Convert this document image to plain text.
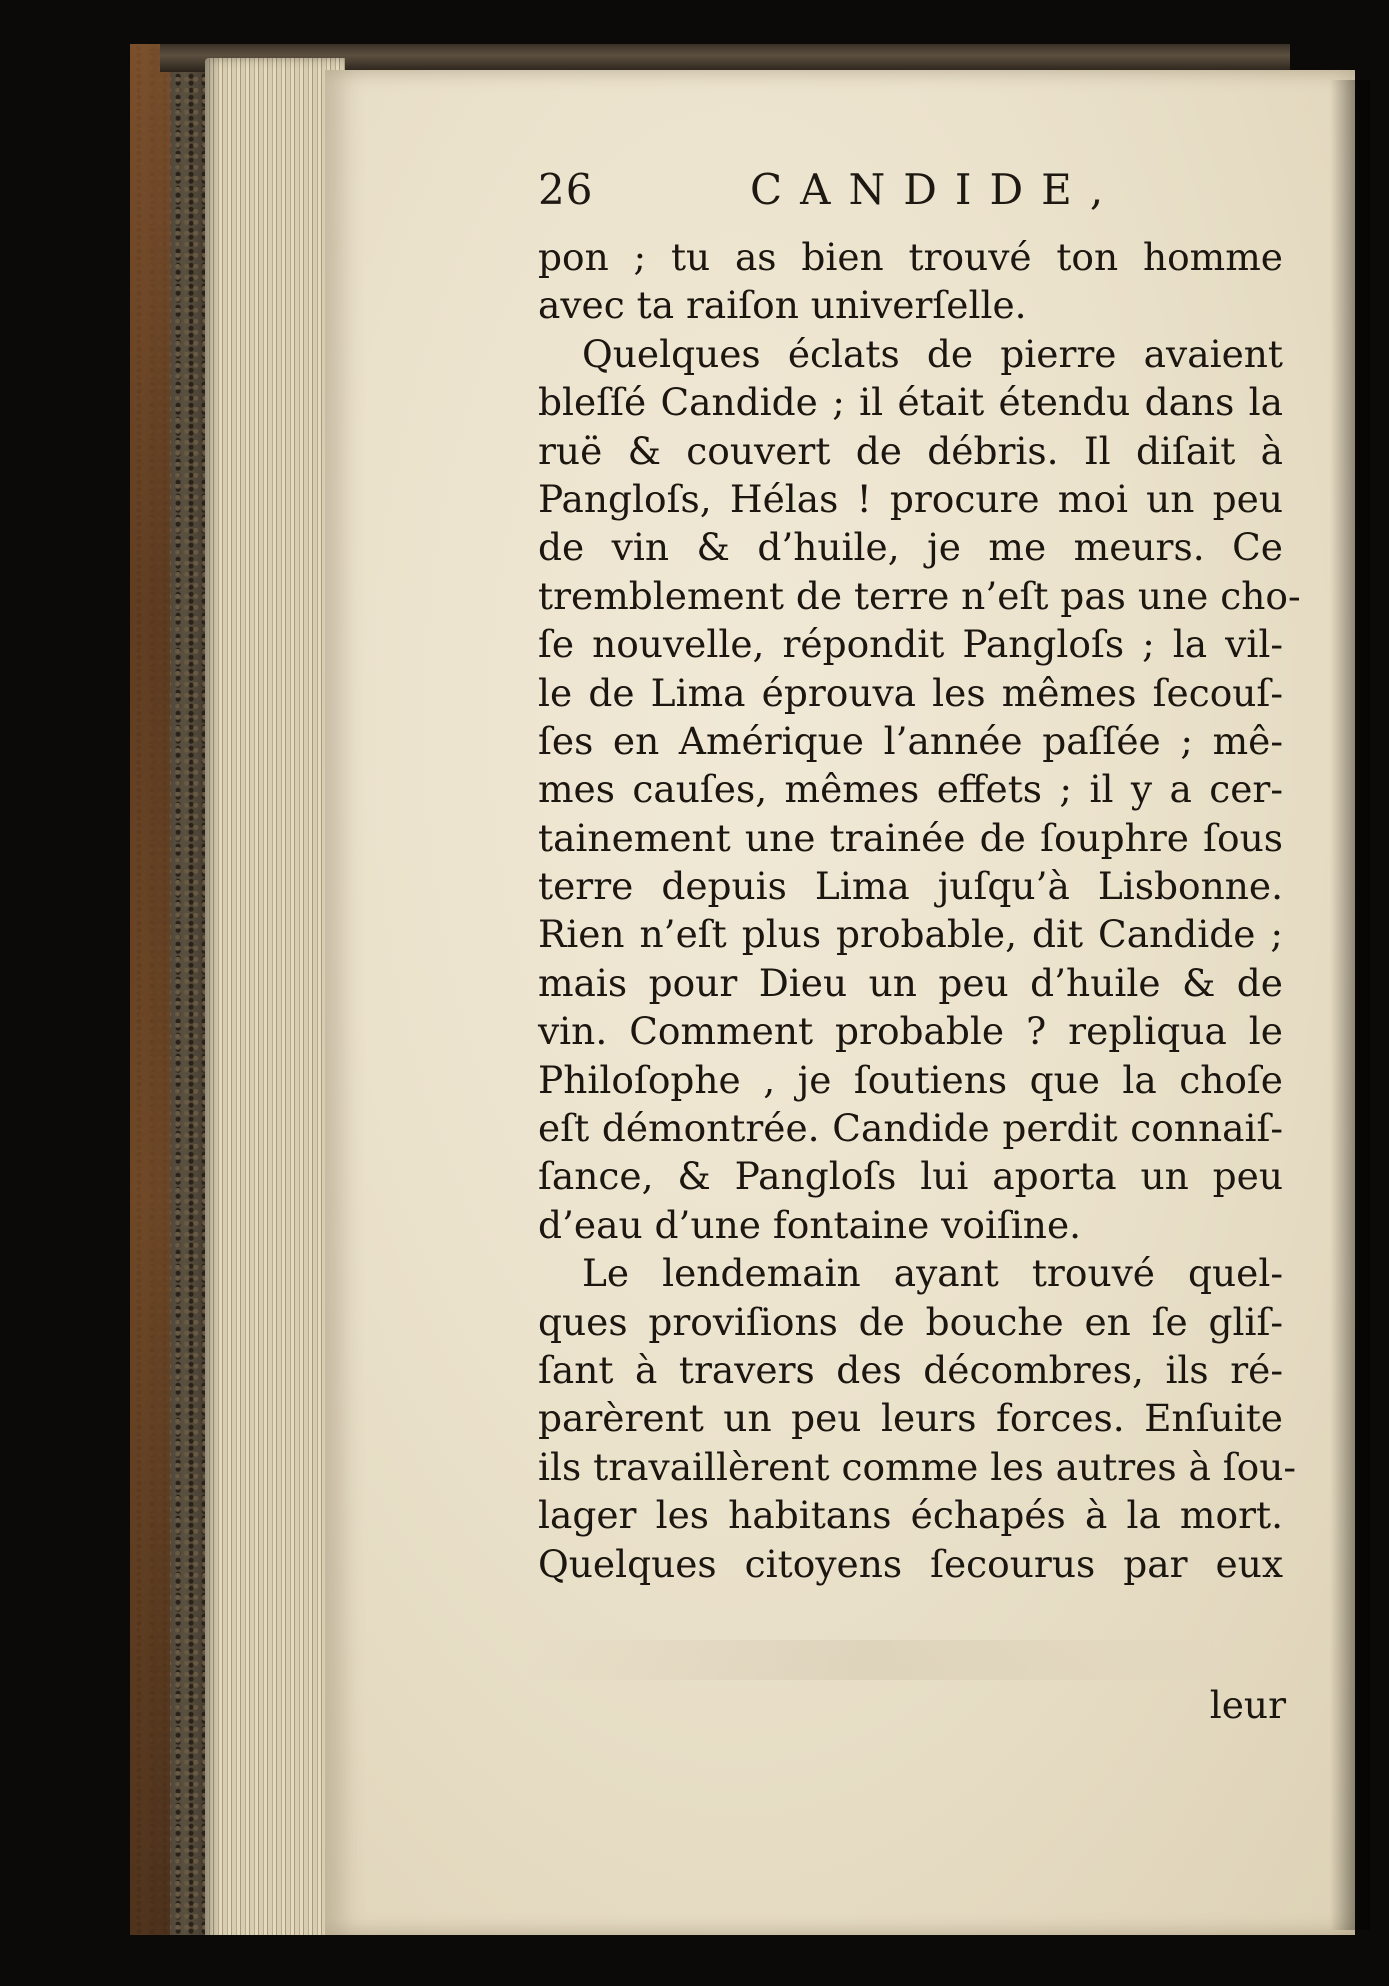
26	CANDIDE,
pon ; tu as bien trouvé ton homme
avec ta raiſon univerſelle.
Quelques éclats de pierre avaient
bleſſé Candide ; il était étendu dans la
ruë & couvert de débris. Il diſait à
Pangloſs, Hélas ! procure moi un peu
de vin & d’huile, je me meurs. Ce
tremblement de terre n’eſt pas une cho-
ſe nouvelle, répondit Pangloſs ; la vil-
le de Lima éprouva les mêmes ſecouſ-
ſes en Amérique l’année paſſée ; mê-
mes cauſes, mêmes effets ; il y a cer-
tainement une trainée de ſouphre ſous
terre depuis Lima juſqu’à Lisbonne.
Rien n’eſt plus probable, dit Candide ;
mais pour Dieu un peu d’huile & de
vin. Comment probable ? repliqua le
Philoſophe , je ſoutiens que la choſe
eſt démontrée. Candide perdit connaiſ-
ſance, & Pangloſs lui aporta un peu
d’eau d’une fontaine voiſine.
Le lendemain ayant trouvé quel-
ques proviſions de bouche en ſe gliſ-
ſant à travers des décombres, ils ré-
parèrent un peu leurs forces. Enſuite
ils travaillèrent comme les autres à ſou-
lager les habitans échapés à la mort.
Quelques citoyens ſecourus par eux
leur
